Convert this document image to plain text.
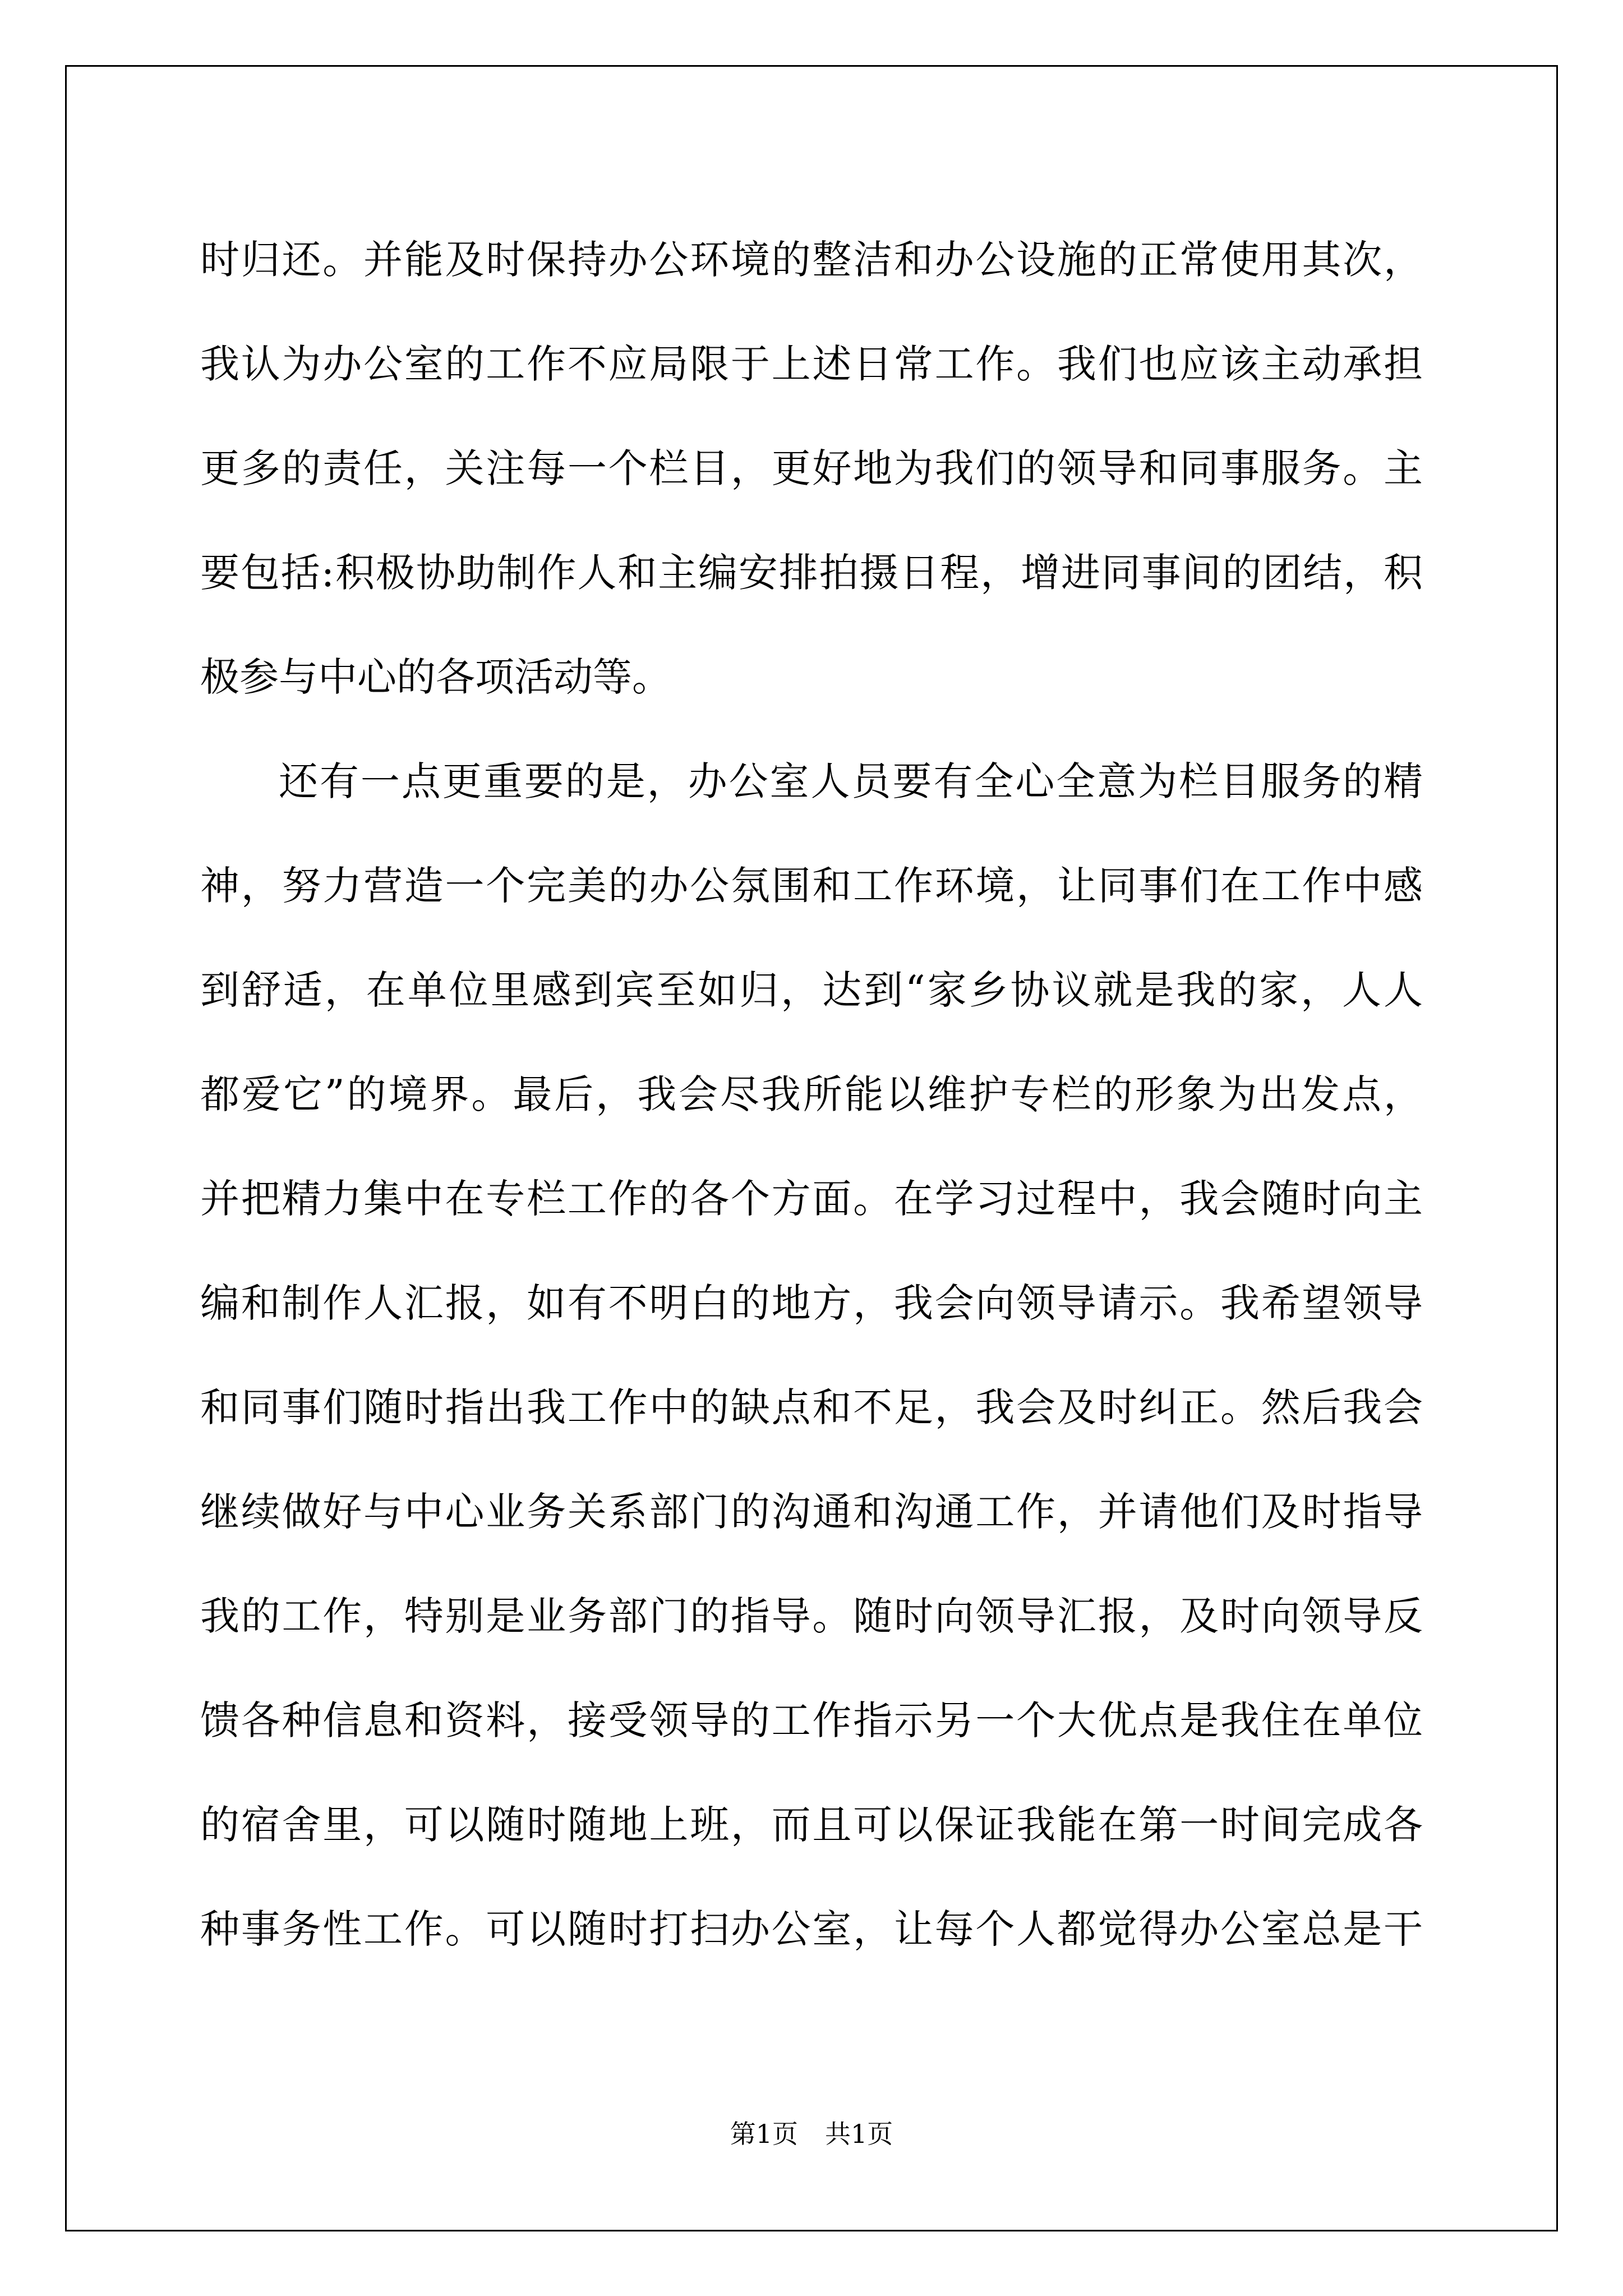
时归还。并能及时保持办公环境的整洁和办公设施的正常使用其次，
我认为办公室的工作不应局限于上述日常工作。我们也应该主动承担
更多的责任，关注每一个栏目，更好地为我们的领导和同事服务。主
要包括:积极协助制作人和主编安排拍摄日程，增进同事间的团结，积
极参与中心的各项活动等。
还有一点更重要的是，办公室人员要有全心全意为栏目服务的精
神，努力营造一个完美的办公氛围和工作环境，让同事们在工作中感
到舒适，在单位里感到宾至如归，达到“家乡协议就是我的家，人人
都爱它”的境界。最后，我会尽我所能以维护专栏的形象为出发点，
并把精力集中在专栏工作的各个方面。在学习过程中，我会随时向主
编和制作人汇报，如有不明白的地方，我会向领导请示。我希望领导
和同事们随时指出我工作中的缺点和不足，我会及时纠正。然后我会
继续做好与中心业务关系部门的沟通和沟通工作，并请他们及时指导
我的工作，特别是业务部门的指导。随时向领导汇报，及时向领导反
馈各种信息和资料，接受领导的工作指示另一个大优点是我住在单位
的宿舍里，可以随时随地上班，而且可以保证我能在第一时间完成各
种事务性工作。可以随时打扫办公室，让每个人都觉得办公室总是干
第1页 共1页
